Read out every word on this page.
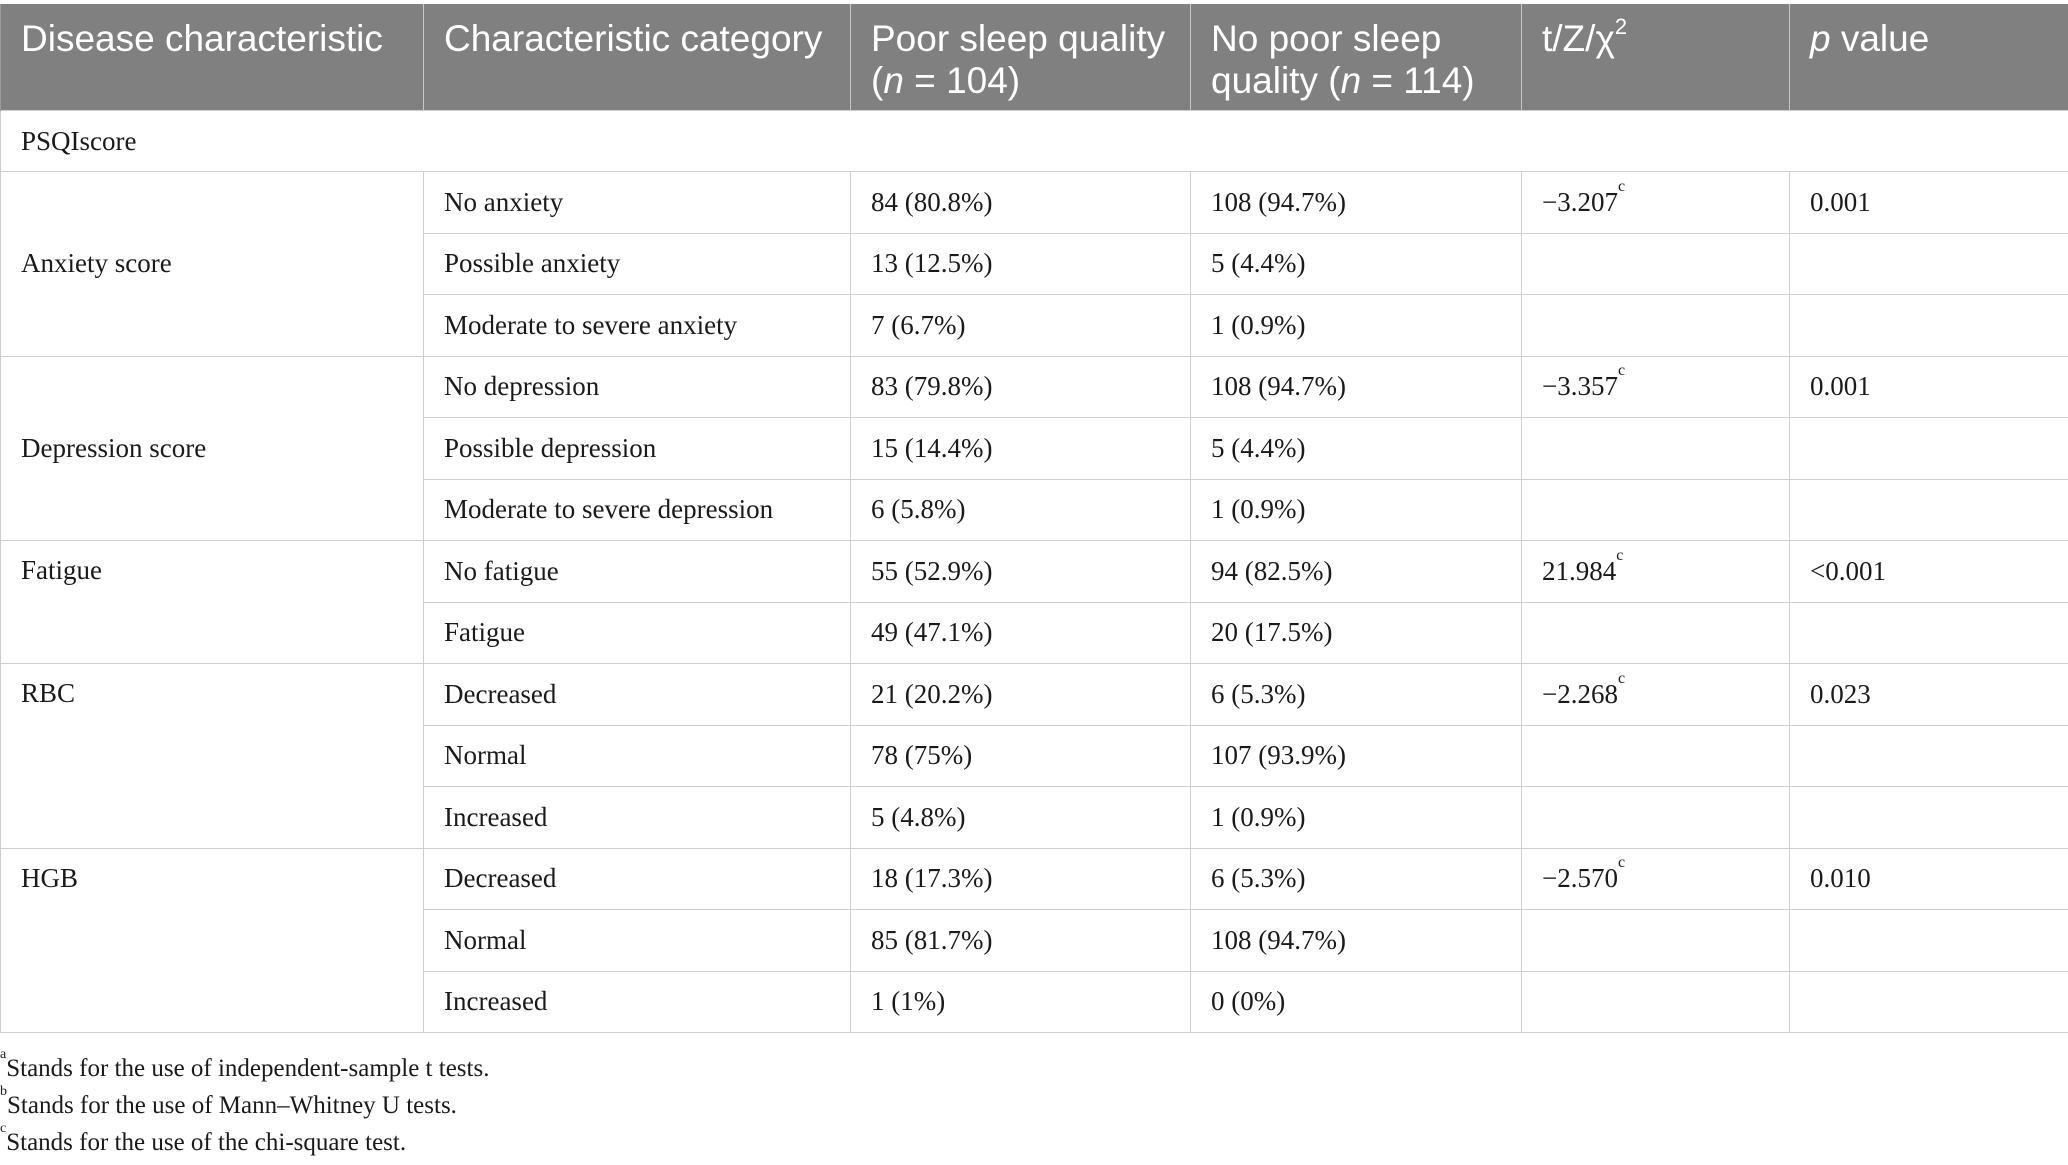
Disease characteristic	Characteristic category	Poor sleep quality (n = 104)	No poor sleep quality (n = 114)	$t/Z/\chi^2$	p value
PSQIscore					
Anxiety score	No anxiety	84 (80.8%)	108 (94.7%)	−3.207$^c$	0.001
	Possible anxiety	13 (12.5%)	5 (4.4%)		
	Moderate to severe anxiety	7 (6.7%)	1 (0.9%)		
Depression score	No depression	83 (79.8%)	108 (94.7%)	−3.357$^c$	0.001
	Possible depression	15 (14.4%)	5 (4.4%)		
	Moderate to severe depression	6 (5.8%)	1 (0.9%)		
Fatigue	No fatigue	55 (52.9%)	94 (82.5%)	21.984$^c$	<0.001
	Fatigue	49 (47.1%)	20 (17.5%)		
RBC	Decreased	21 (20.2%)	6 (5.3%)	−2.268$^c$	0.023
	Normal	78 (75%)	107 (93.9%)		
	Increased	5 (4.8%)	1 (0.9%)		
HGB	Decreased	18 (17.3%)	6 (5.3%)	−2.570$^c$	0.010
	Normal	85 (81.7%)	108 (94.7%)		
	Increased	1 (1%)	0 (0%)		
$^a$Stands for the use of independent-sample t tests.
$^b$Stands for the use of Mann–Whitney U tests.
$^c$Stands for the use of the chi-square test.
